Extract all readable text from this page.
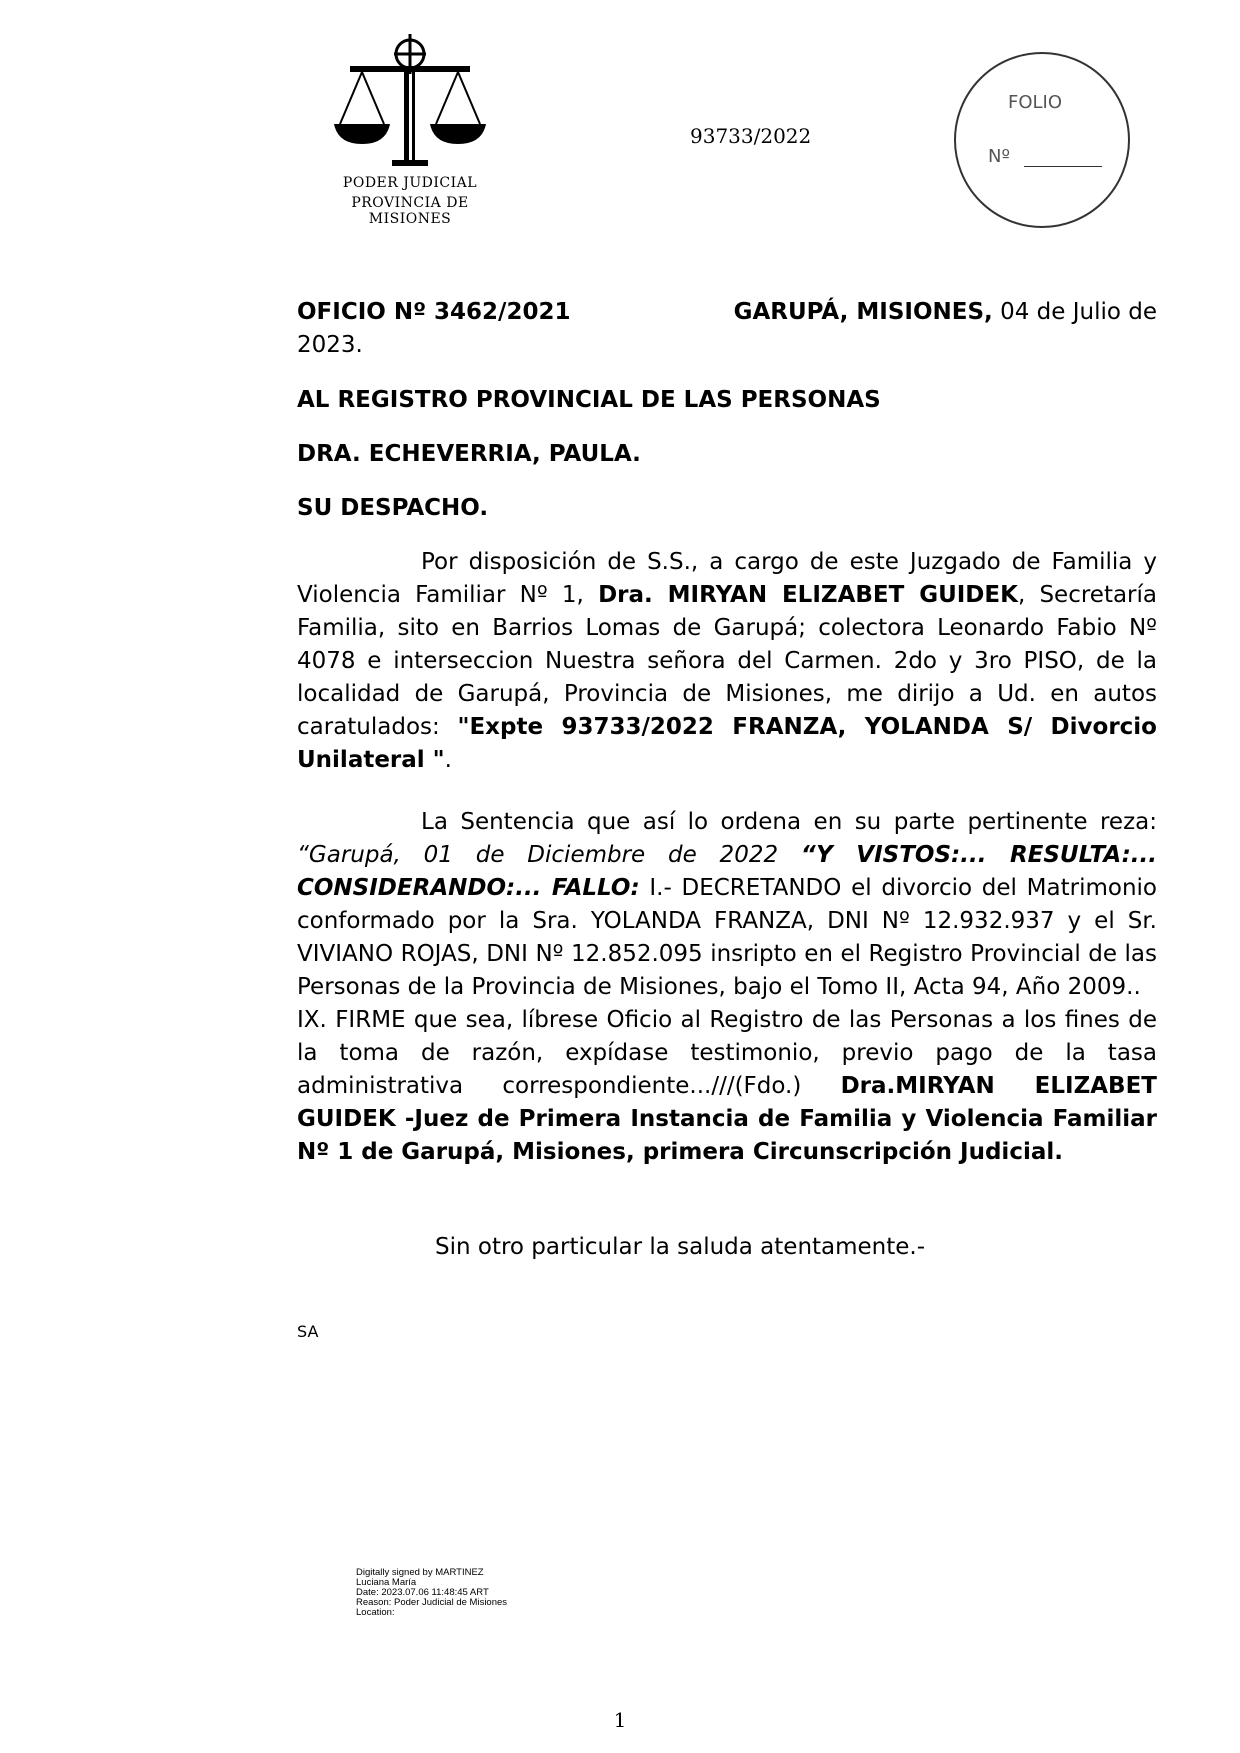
PODER JUDICIAL
PROVINCIA DE MISIONES
93733/2022
FOLIO
Nº
OFICIO Nº 3462/2021	GARUPÁ, MISIONES, 04 de Julio de

2023.

AL REGISTRO PROVINCIAL DE LAS PERSONAS

DRA. ECHEVERRIA, PAULA.

SU DESPACHO.

Por disposición de S.S., a cargo de este Juzgado de Familia y Violencia Familiar Nº 1, Dra. MIRYAN ELIZABET GUIDEK, Secretaría Familia, sito en Barrios Lomas de Garupá; colectora Leonardo Fabio Nº 4078 e interseccion Nuestra señora del Carmen. 2do y 3ro PISO, de la localidad de Garupá, Provincia de Misiones, me dirijo a Ud. en autos caratulados: "Expte 93733/2022 FRANZA, YOLANDA S/ Divorcio Unilateral ".

La Sentencia que así lo ordena en su parte pertinente reza: “Garupá, 01 de Diciembre de 2022 “Y VISTOS:... RESULTA:... CONSIDERANDO:... FALLO: I.- DECRETANDO el divorcio del Matrimonio conformado por la Sra. YOLANDA FRANZA, DNI Nº 12.932.937 y el Sr. VIVIANO ROJAS, DNI Nº 12.852.095 insripto en el Registro Provincial de las Personas de la Provincia de Misiones, bajo el Tomo II, Acta 94, Año 2009..

IX. FIRME que sea, líbrese Oficio al Registro de las Personas a los fines de la toma de razón, expídase testimonio, previo pago de la tasa administrativa correspondiente...///(Fdo.) Dra.MIRYAN ELIZABET GUIDEK -Juez de Primera Instancia de Familia y Violencia Familiar Nº 1 de Garupá, Misiones, primera Circunscripción Judicial.

Sin otro particular la saluda atentamente.-

SA
Digitally signed by MARTINEZ
Luciana María
Date: 2023.07.06 11:48:45 ART
Reason: Poder Judicial de Misiones
Location:
1
